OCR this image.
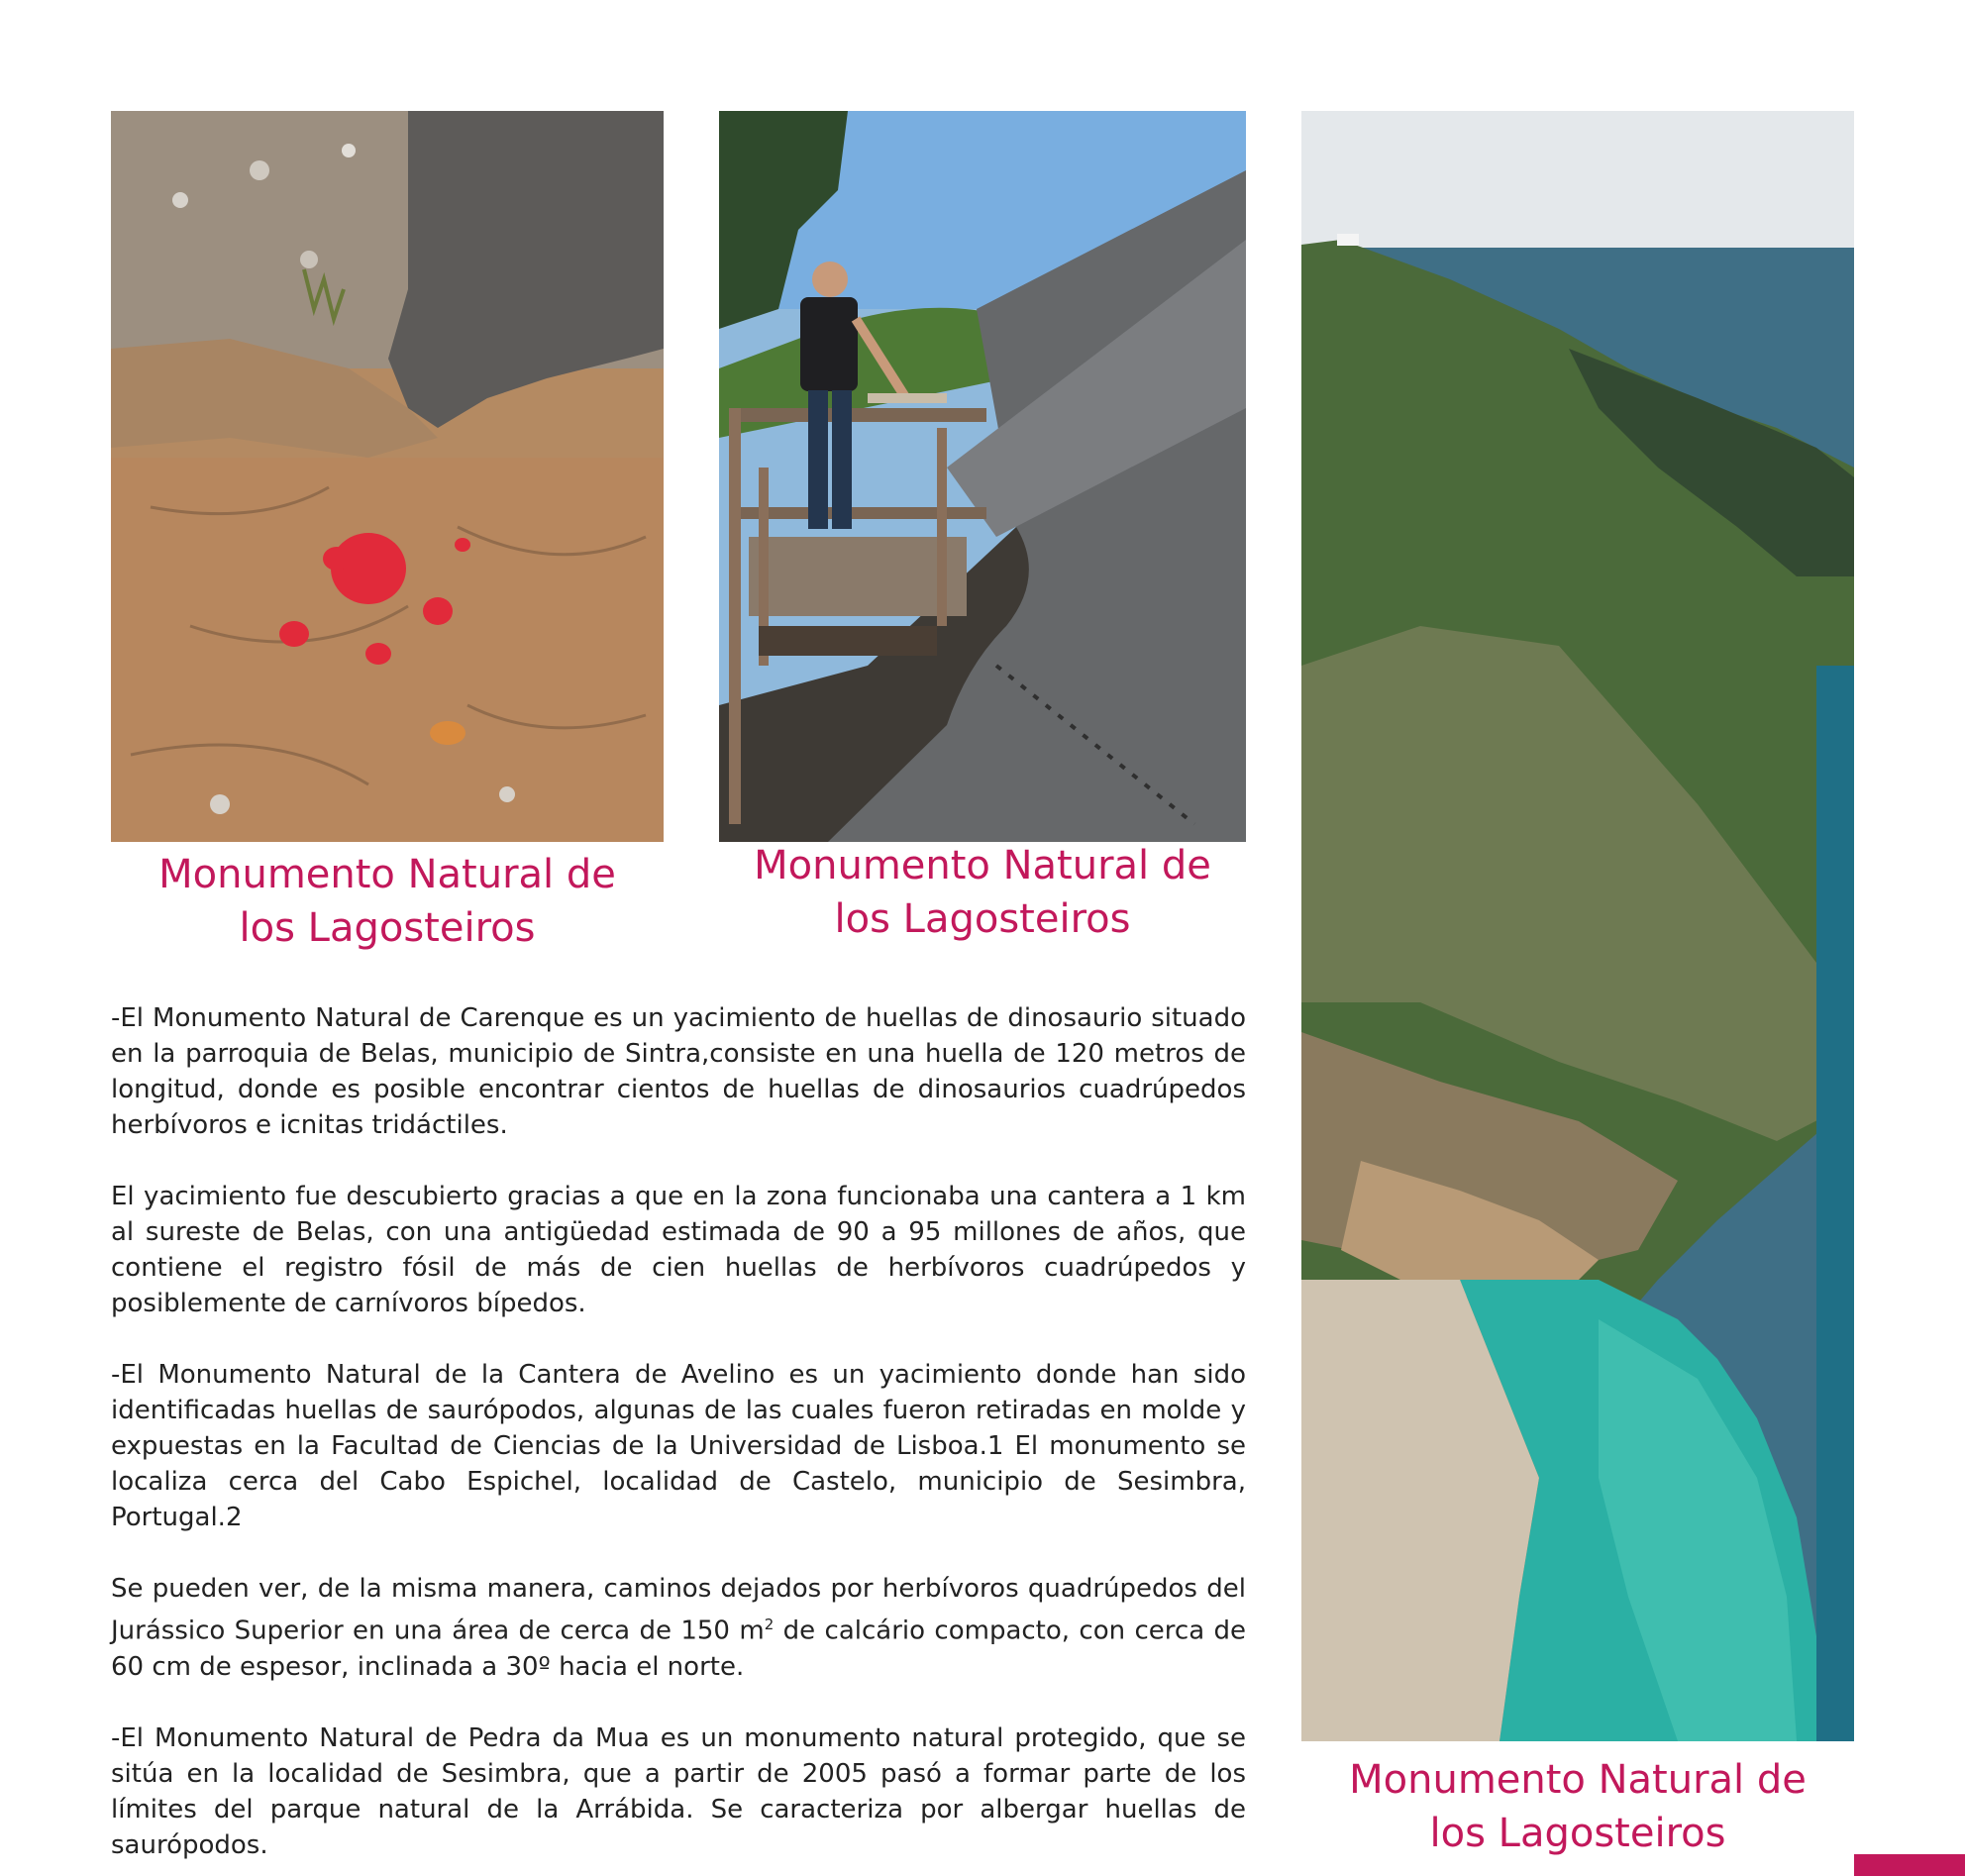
Monumento Natural de
los Lagosteiros
Monumento Natural de
los Lagosteiros
Monumento Natural de
los Lagosteiros

-El Monumento Natural de Carenque es un yacimiento de huellas de dinosaurio situado en la parroquia de Belas, municipio de Sintra,consiste en una huella de 120 metros de longitud, donde es posible encontrar cientos de huellas de dinosaurios cuadrúpedos herbívoros e icnitas tridáctiles.

El yacimiento fue descubierto gracias a que en la zona funcionaba una cantera a 1 km al sureste de Belas, con una antigüedad estimada de 90 a 95 millones de años, que contiene el registro fósil de más de cien huellas de herbívoros cuadrúpedos y posiblemente de carnívoros bípedos.

-El Monumento Natural de la Cantera de Avelino es un yacimiento donde han sido identificadas huellas de saurópodos, algunas de las cuales fueron retiradas en molde y expuestas en la Facultad de Ciencias de la Universidad de Lisboa.1 El monumento se localiza cerca del Cabo Espichel, localidad de Castelo, municipio de Sesimbra, Portugal.2

Se pueden ver, de la misma manera, caminos dejados por herbívoros quadrúpedos del Jurássico Superior en una área de cerca de 150 $m^2$ de calcário compacto, con cerca de 60 cm de espesor, inclinada a 30º hacia el norte.

-El Monumento Natural de Pedra da Mua es un monumento natural protegido, que se sitúa en la localidad de Sesimbra, que a partir de 2005 pasó a formar parte de los límites del parque natural de la Arrábida. Se caracteriza por albergar huellas de saurópodos.
